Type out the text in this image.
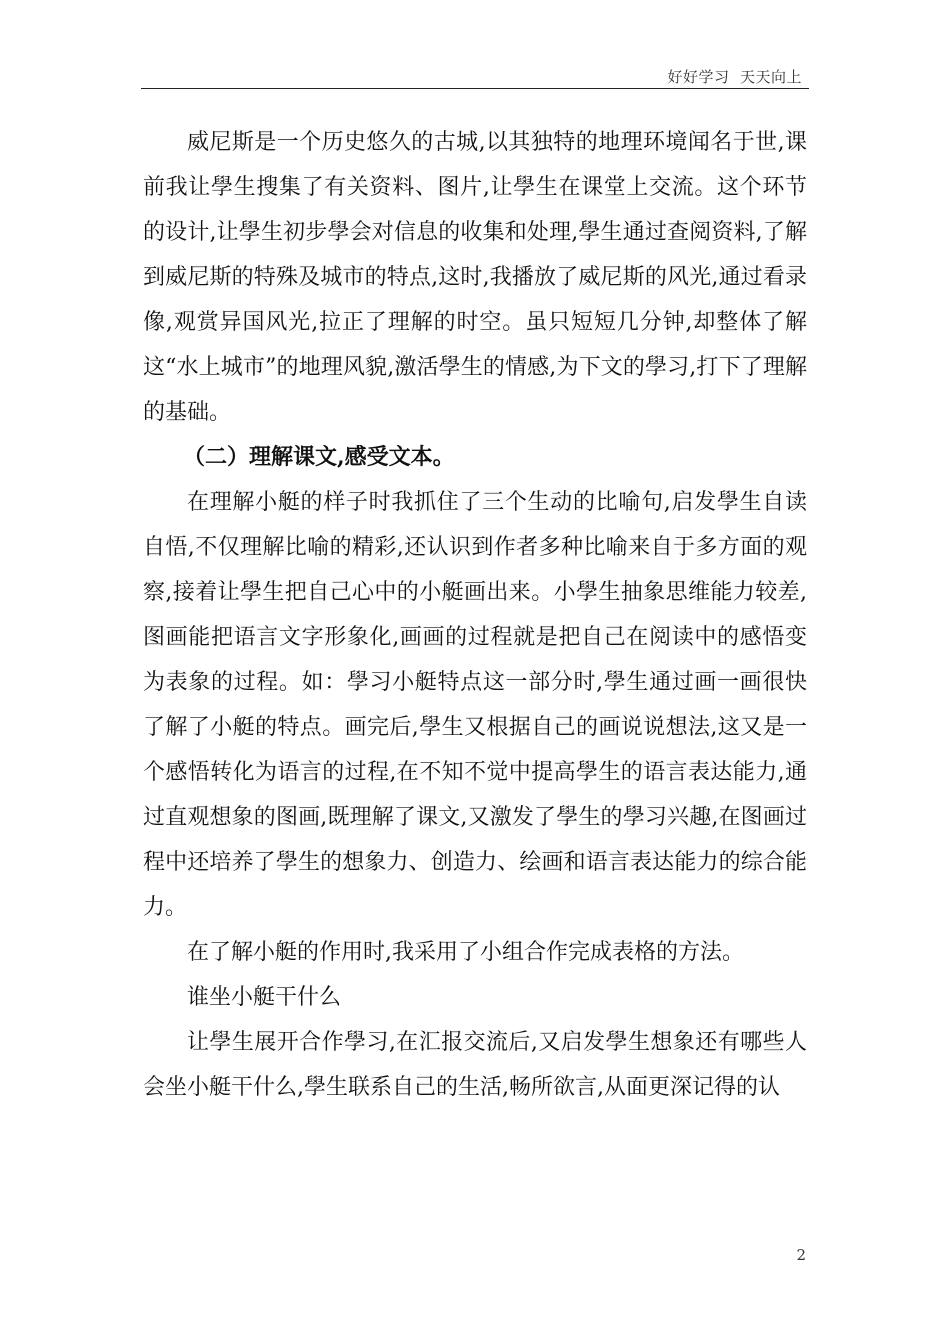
好好学习  天天向上

威尼斯是一个历史悠久的古城,以其独特的地理环境闻名于世,课前我让學生搜集了有关资料、图片,让學生在课堂上交流。这个环节的设计,让學生初步學会对信息的收集和处理,學生通过查阅资料,了解到威尼斯的特殊及城市的特点,这时,我播放了威尼斯的风光,通过看录像,观赏异国风光,拉正了理解的时空。虽只短短几分钟,却整体了解这“水上城市”的地理风貌,激活學生的情感,为下文的學习,打下了理解的基础。

（二）理解课文,感受文本。

在理解小艇的样子时我抓住了三个生动的比喻句,启发學生自读自悟,不仅理解比喻的精彩,还认识到作者多种比喻来自于多方面的观察,接着让學生把自己心中的小艇画出来。小學生抽象思维能力较差,图画能把语言文字形象化,画画的过程就是把自己在阅读中的感悟变为表象的过程。如：學习小艇特点这一部分时,學生通过画一画很快了解了小艇的特点。画完后,學生又根据自己的画说说想法,这又是一个感悟转化为语言的过程,在不知不觉中提高學生的语言表达能力,通过直观想象的图画,既理解了课文,又激发了學生的學习兴趣,在图画过程中还培养了學生的想象力、创造力、绘画和语言表达能力的综合能力。

在了解小艇的作用时,我采用了小组合作完成表格的方法。

谁坐小艇干什么

让學生展开合作學习,在汇报交流后,又启发學生想象还有哪些人会坐小艇干什么,學生联系自己的生活,畅所欲言,从面更深记得的认

2
